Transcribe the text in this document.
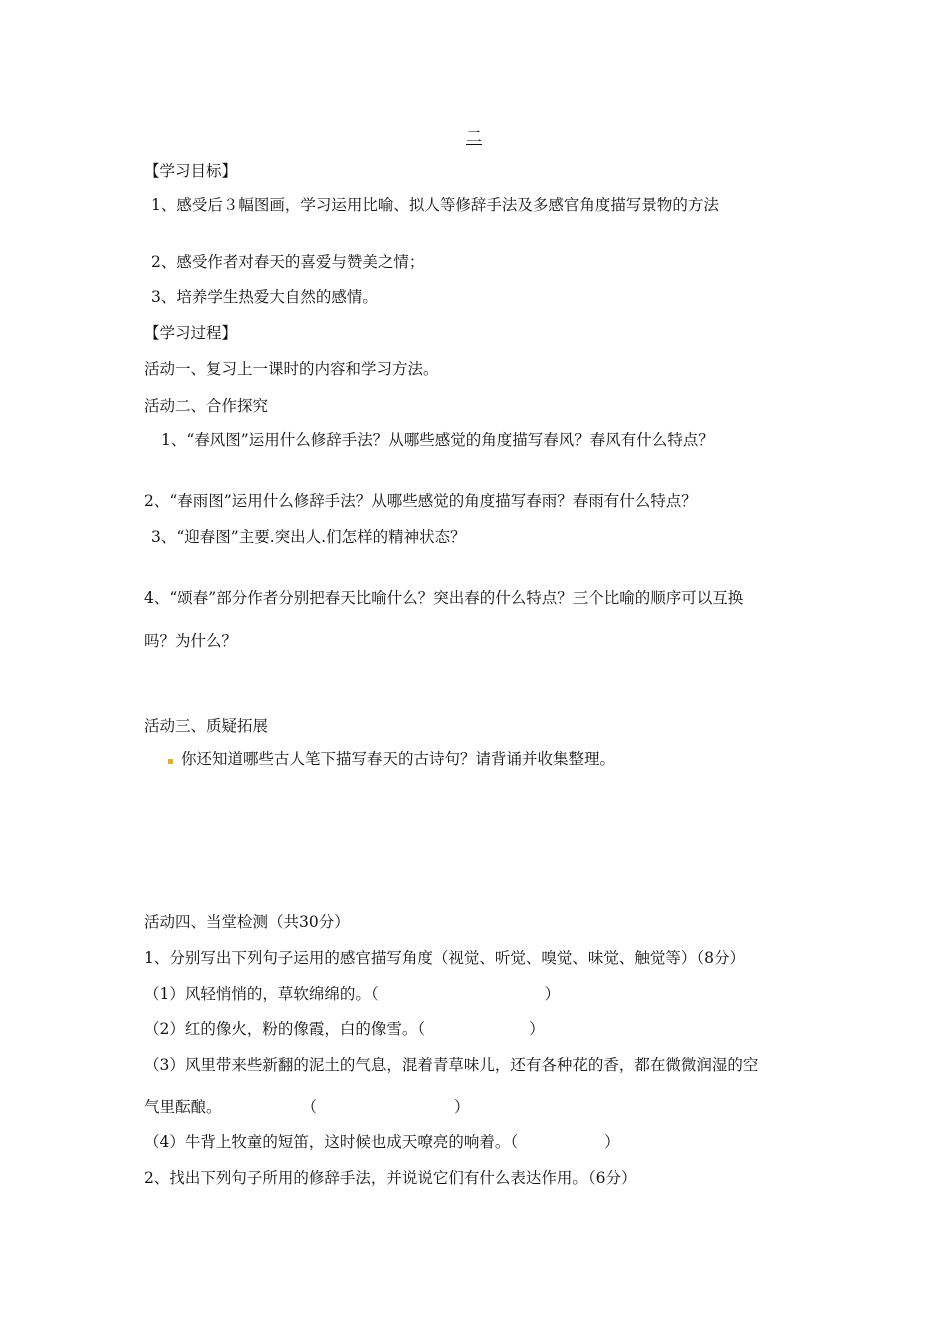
二
【学习目标】
1、感受后３幅图画，学习运用比喻、拟人等修辞手法及多感官角度描写景物的方法
2、感受作者对春天的喜爱与赞美之情；
3、培养学生热爱大自然的感情。
【学习过程】
活动一、复习上一课时的内容和学习方法。
活动二、合作探究
1、“春风图”运用什么修辞手法？从哪些感觉的角度描写春风？春风有什么特点？
2、“春雨图”运用什么修辞手法？从哪些感觉的角度描写春雨？春雨有什么特点？
3、“迎春图”主要.突出人.们怎样的精神状态？
4、“颂春”部分作者分别把春天比喻什么？突出春的什么特点？三个比喻的顺序可以互换
吗？为什么？
活动三、质疑拓展
你还知道哪些古人笔下描写春天的古诗句？请背诵并收集整理。
活动四、当堂检测（共30分）
1、分别写出下列句子运用的感官描写角度（视觉、听觉、嗅觉、味觉、触觉等）（8分）
（1）风轻悄悄的，草软绵绵的。（	）
（2）红的像火，粉的像霞，白的像雪。（	）
（3）风里带来些新翻的泥土的气息，混着青草味儿，还有各种花的香，都在微微润湿的空
气里酝酿。	（	）
（4）牛背上牧童的短笛，这时候也成天嘹亮的响着。（	）
2、找出下列句子所用的修辞手法，并说说它们有什么表达作用。（6分）
